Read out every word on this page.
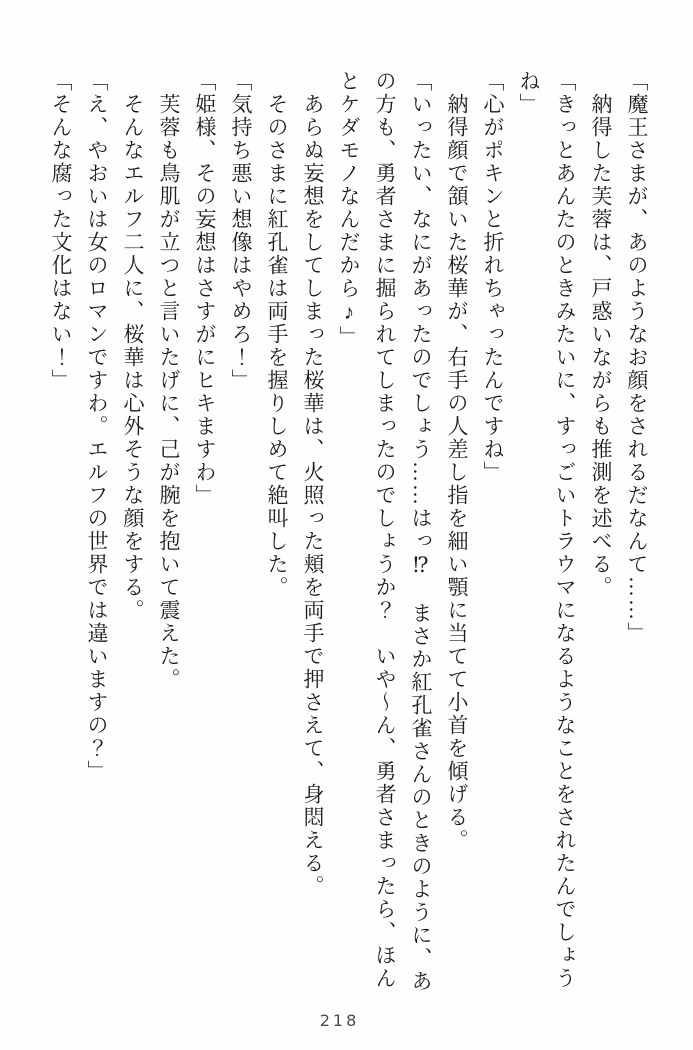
「魔王さまが、あのようなお顔をされるだなんて……」
　納得した芙蓉は、戸惑いながらも推測を述べる。
「きっとあんたのときみたいに、すっごいトラウマになるようなことをされたんでしょう
ね」
「心がポキンと折れちゃったんですね」
　納得顔で頷いた桜華が、右手の人差し指を細い顎に当てて小首を傾げる。
「いったい、なにがあったのでしょう……はっ⁉　まさか紅孔雀さんのときのように、あ
の方も、勇者さまに掘られてしまったのでしょうか？　いや～ん、勇者さまったら、ほん
とケダモノなんだから♪」
　あらぬ妄想をしてしまった桜華は、火照った頬を両手で押さえて、身悶える。
　そのさまに紅孔雀は両手を握りしめて絶叫した。
「気持ち悪い想像はやめろ！」
「姫様、その妄想はさすがにヒキますわ」
　芙蓉も鳥肌が立つと言いたげに、己が腕を抱いて震えた。
　そんなエルフ二人に、桜華は心外そうな顔をする。
「え、やおいは女のロマンですわ。エルフの世界では違いますの？」
「そんな腐った文化はない！」
218
